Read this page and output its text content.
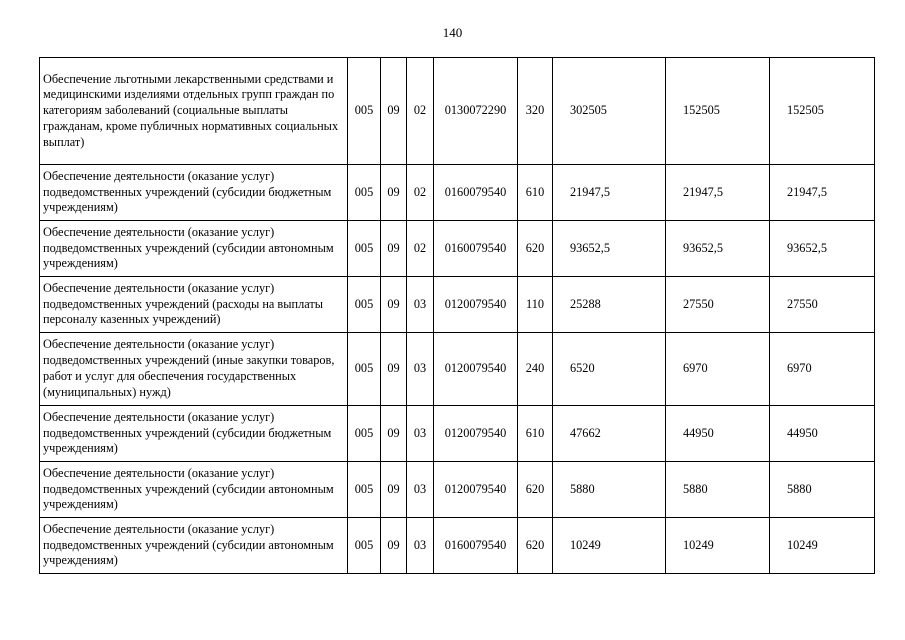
140
Обеспечение льготными лекарственными средствами и медицинскими изделиями отдельных групп граждан по категориям заболеваний (социальные выплаты гражданам, кроме публичных нормативных социальных выплат)	005	09	02	0130072290	320	302505	152505	152505
Обеспечение деятельности (оказание услуг) подведомственных учреждений (субсидии бюджетным учреждениям)	005	09	02	0160079540	610	21947,5	21947,5	21947,5
Обеспечение деятельности (оказание услуг) подведомственных учреждений (субсидии автономным учреждениям)	005	09	02	0160079540	620	93652,5	93652,5	93652,5
Обеспечение деятельности (оказание услуг) подведомственных учреждений (расходы на выплаты персоналу казенных учреждений)	005	09	03	0120079540	110	25288	27550	27550
Обеспечение деятельности (оказание услуг) подведомственных учреждений (иные закупки товаров, работ и услуг для обеспечения государственных (муниципальных) нужд)	005	09	03	0120079540	240	6520	6970	6970
Обеспечение деятельности (оказание услуг) подведомственных учреждений (субсидии бюджетным учреждениям)	005	09	03	0120079540	610	47662	44950	44950
Обеспечение деятельности (оказание услуг) подведомственных учреждений (субсидии автономным учреждениям)	005	09	03	0120079540	620	5880	5880	5880
Обеспечение деятельности (оказание услуг) подведомственных учреждений (субсидии автономным учреждениям)	005	09	03	0160079540	620	10249	10249	10249
